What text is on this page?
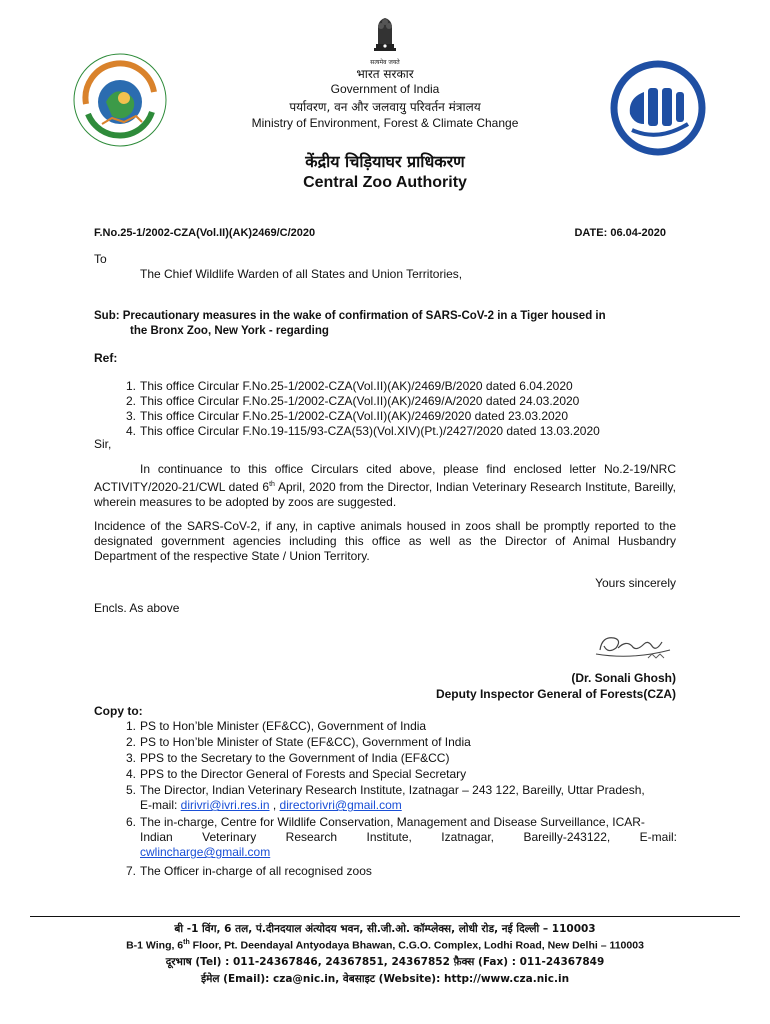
सत्यमेव जयते
भारत सरकार
Government of India
पर्यावरण, वन और जलवायु परिवर्तन मंत्रालय
Ministry of Environment, Forest & Climate Change
केंद्रीय चिड़ियाघर प्राधिकरण
Central Zoo Authority
F.No.25-1/2002-CZA(Vol.II)(AK)2469/C/2020	DATE: 06.04-2020
To
The Chief Wildlife Warden of all States and Union Territories,
Sub: Precautionary measures in the wake of confirmation of SARS-CoV-2 in a Tiger housed in
the Bronx Zoo, New York - regarding
Ref:
1. This office Circular F.No.25-1/2002-CZA(Vol.II)(AK)/2469/B/2020 dated 6.04.2020
2. This office Circular F.No.25-1/2002-CZA(Vol.II)(AK)/2469/A/2020 dated 24.03.2020
3. This office Circular F.No.25-1/2002-CZA(Vol.II)(AK)/2469/2020 dated 23.03.2020
4. This office Circular F.No.19-115/93-CZA(53)(Vol.XIV)(Pt.)/2427/2020 dated 13.03.2020
Sir,
In continuance to this office Circulars cited above, please find enclosed letter No.2-19/NRC ACTIVITY/2020-21/CWL dated 6th April, 2020 from the Director, Indian Veterinary Research Institute, Bareilly, wherein measures to be adopted by zoos are suggested.
Incidence of the SARS-CoV-2, if any, in captive animals housed in zoos shall be promptly reported to the designated government agencies including this office as well as the Director of Animal Husbandry Department of the respective State / Union Territory.
Yours sincerely
Encls. As above
(Dr. Sonali Ghosh)
Deputy Inspector General of Forests(CZA)
Copy to:
1. PS to Hon’ble Minister (EF&CC), Government of India
2. PS to Hon’ble Minister of State (EF&CC), Government of India
3. PPS to the Secretary to the Government of India (EF&CC)
4. PPS to the Director General of Forests and Special Secretary
5. The Director, Indian Veterinary Research Institute, Izatnagar – 243 122, Bareilly, Uttar Pradesh,
E-mail: dirivri@ivri.res.in , directorivri@gmail.com
6. The in-charge, Centre for Wildlife Conservation, Management and Disease Surveillance, ICAR-
Indian Veterinary Research Institute, Izatnagar, Bareilly-243122, E-mail:
cwlincharge@gmail.com
7. The Officer in-charge of all recognised zoos
बी -1 विंग, 6 तल, पं.दीनदयाल अंत्योदय भवन, सी.जी.ओ. कॉम्प्लेक्स, लोधी रोड, नई दिल्ली – 110003
B-1 Wing, 6th Floor, Pt. Deendayal Antyodaya Bhawan, C.G.O. Complex, Lodhi Road, New Delhi – 110003
दूरभाष (Tel) : 011-24367846, 24367851, 24367852 फ़ैक्स (Fax) : 011-24367849
ईमेल (Email): cza@nic.in, वेबसाइट (Website): http://www.cza.nic.in
